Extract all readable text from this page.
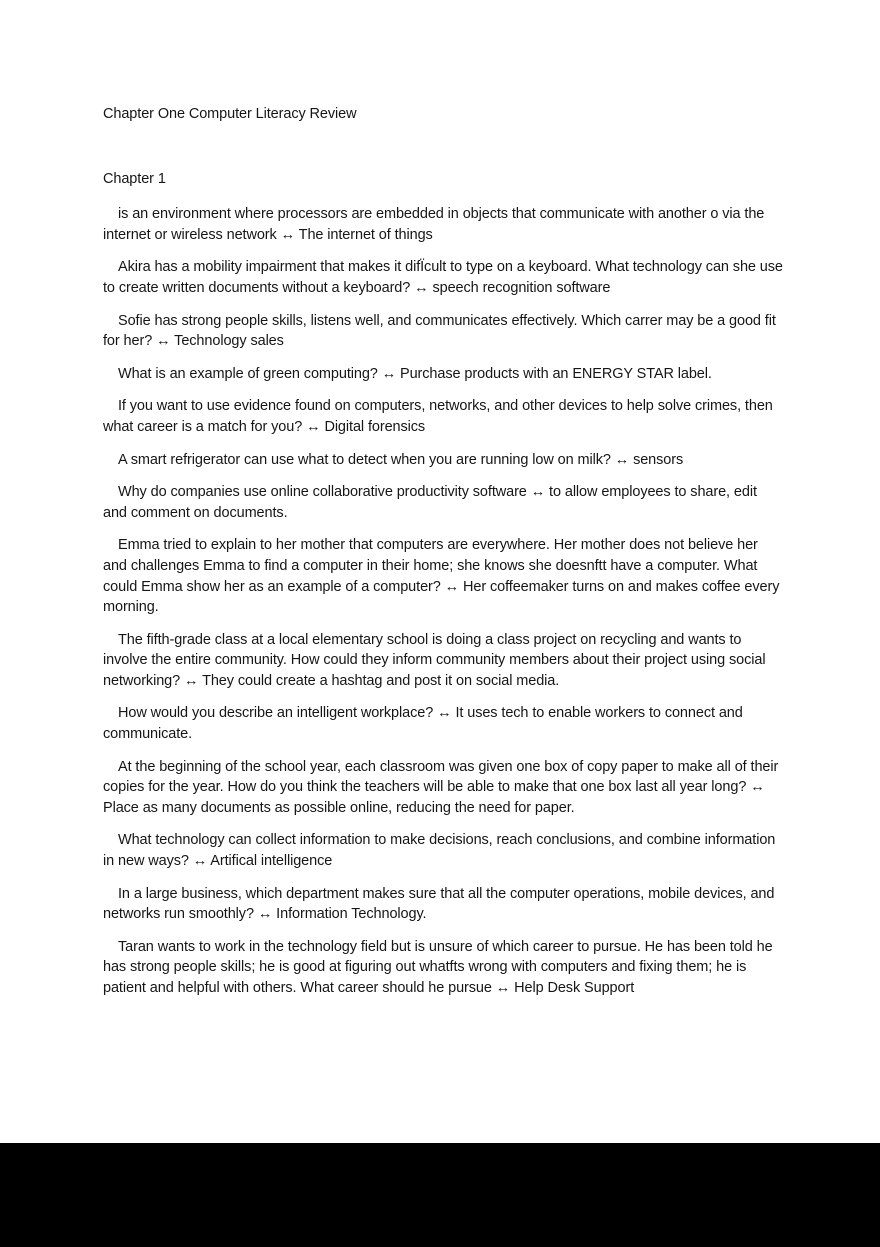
Chapter One Computer Literacy Review

Chapter 1

is an environment where processors are embedded in objects that communicate with another o via the internet or wireless network ↔ The internet of things

Akira has a mobility impairment that makes it difÏcult to type on a keyboard. What technology can she use to create written documents without a keyboard? ↔ speech recognition software

Sofie has strong people skills, listens well, and communicates effectively. Which carrer may be a good fit for her? ↔ Technology sales

What is an example of green computing? ↔ Purchase products with an ENERGY STAR label.

If you want to use evidence found on computers, networks, and other devices to help solve crimes, then what career is a match for you? ↔ Digital forensics

A smart refrigerator can use what to detect when you are running low on milk? ↔ sensors

Why do companies use online collaborative productivity software ↔ to allow employees to share, edit and comment on documents.

Emma tried to explain to her mother that computers are everywhere. Her mother does not believe her and challenges Emma to find a computer in their home; she knows she doesnftt have a computer. What could Emma show her as an example of a computer? ↔ Her coffeemaker turns on and makes coffee every morning.

The fifth-grade class at a local elementary school is doing a class project on recycling and wants to involve the entire community. How could they inform community members about their project using social networking? ↔ They could create a hashtag and post it on social media.

How would you describe an intelligent workplace? ↔ It uses tech to enable workers to connect and communicate.

At the beginning of the school year, each classroom was given one box of copy paper to make all of their copies for the year. How do you think the teachers will be able to make that one box last all year long? ↔ Place as many documents as possible online, reducing the need for paper.

What technology can collect information to make decisions, reach conclusions, and combine information in new ways? ↔ Artifical intelligence

In a large business, which department makes sure that all the computer operations, mobile devices, and networks run smoothly? ↔ Information Technology.

Taran wants to work in the technology field but is unsure of which career to pursue. He has been told he has strong people skills; he is good at figuring out whatfts wrong with computers and fixing them; he is patient and helpful with others. What career should he pursue ↔ Help Desk Support
